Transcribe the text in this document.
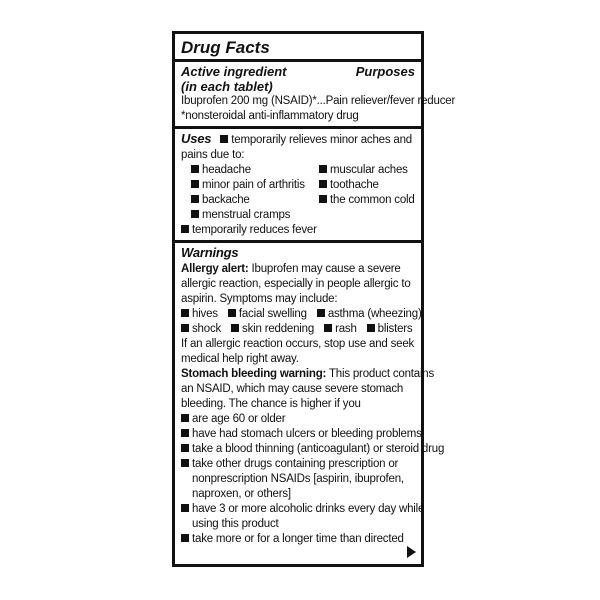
Drug Facts
Active ingredient	Purposes
(in each tablet)
Ibuprofen 200 mg (NSAID)*...Pain reliever/fever reducer
*nonsteroidal anti-inflammatory drug
Uses temporarily relieves minor aches and
pains due to:
headache	muscular aches
minor pain of arthritis	toothache
backache	the common cold
menstrual cramps
temporarily reduces fever
Warnings
Allergy alert: Ibuprofen may cause a severe
allergic reaction, especially in people allergic to
aspirin. Symptoms may include:
hives	facial swelling	asthma (wheezing)
shock	skin reddening	rash	blisters
If an allergic reaction occurs, stop use and seek
medical help right away.
Stomach bleeding warning: This product contains
an NSAID, which may cause severe stomach
bleeding. The chance is higher if you
are age 60 or older
have had stomach ulcers or bleeding problems
take a blood thinning (anticoagulant) or steroid drug
take other drugs containing prescription or
nonprescription NSAIDs [aspirin, ibuprofen,
naproxen, or others]
have 3 or more alcoholic drinks every day while
using this product
take more or for a longer time than directed
